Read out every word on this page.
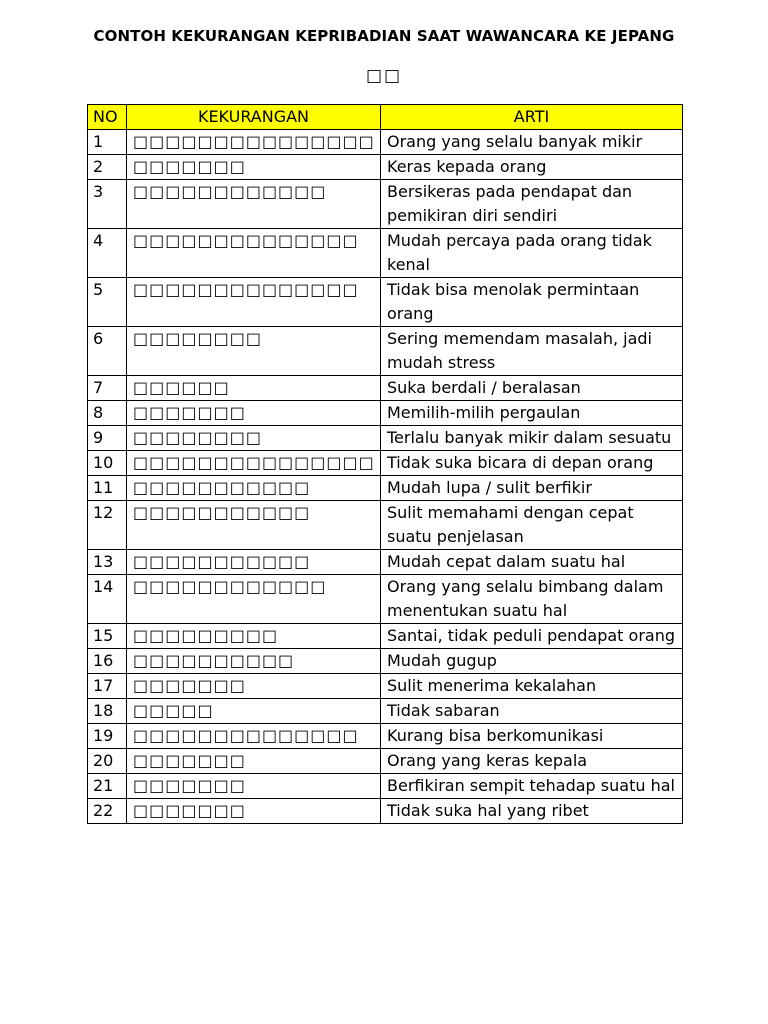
CONTOH KEKURANGAN KEPRIBADIAN SAAT WAWANCARA KE JEPANG
□□
NO	KEKURANGAN	ARTI
1	□□□□□□□□□□□□□□□	Orang yang selalu banyak mikir
2	□□□□□□□	Keras kepada orang
3	□□□□□□□□□□□□	Bersikeras pada pendapat dan pemikiran diri sendiri
4	□□□□□□□□□□□□□□	Mudah percaya pada orang tidak kenal
5	□□□□□□□□□□□□□□	Tidak bisa menolak permintaan orang
6	□□□□□□□□	Sering memendam masalah, jadi mudah stress
7	□□□□□□	Suka berdali / beralasan
8	□□□□□□□	Memilih-milih pergaulan
9	□□□□□□□□	Terlalu banyak mikir dalam sesuatu
10	□□□□□□□□□□□□□□□	Tidak suka bicara di depan orang
11	□□□□□□□□□□□	Mudah lupa / sulit berfikir
12	□□□□□□□□□□□	Sulit memahami dengan cepat suatu penjelasan
13	□□□□□□□□□□□	Mudah cepat dalam suatu hal
14	□□□□□□□□□□□□	Orang yang selalu bimbang dalam menentukan suatu hal
15	□□□□□□□□□	Santai, tidak peduli pendapat orang
16	□□□□□□□□□□	Mudah gugup
17	□□□□□□□	Sulit menerima kekalahan
18	□□□□□	Tidak sabaran
19	□□□□□□□□□□□□□□	Kurang bisa berkomunikasi
20	□□□□□□□	Orang yang keras kepala
21	□□□□□□□	Berfikiran sempit tehadap suatu hal
22	□□□□□□□	Tidak suka hal yang ribet
